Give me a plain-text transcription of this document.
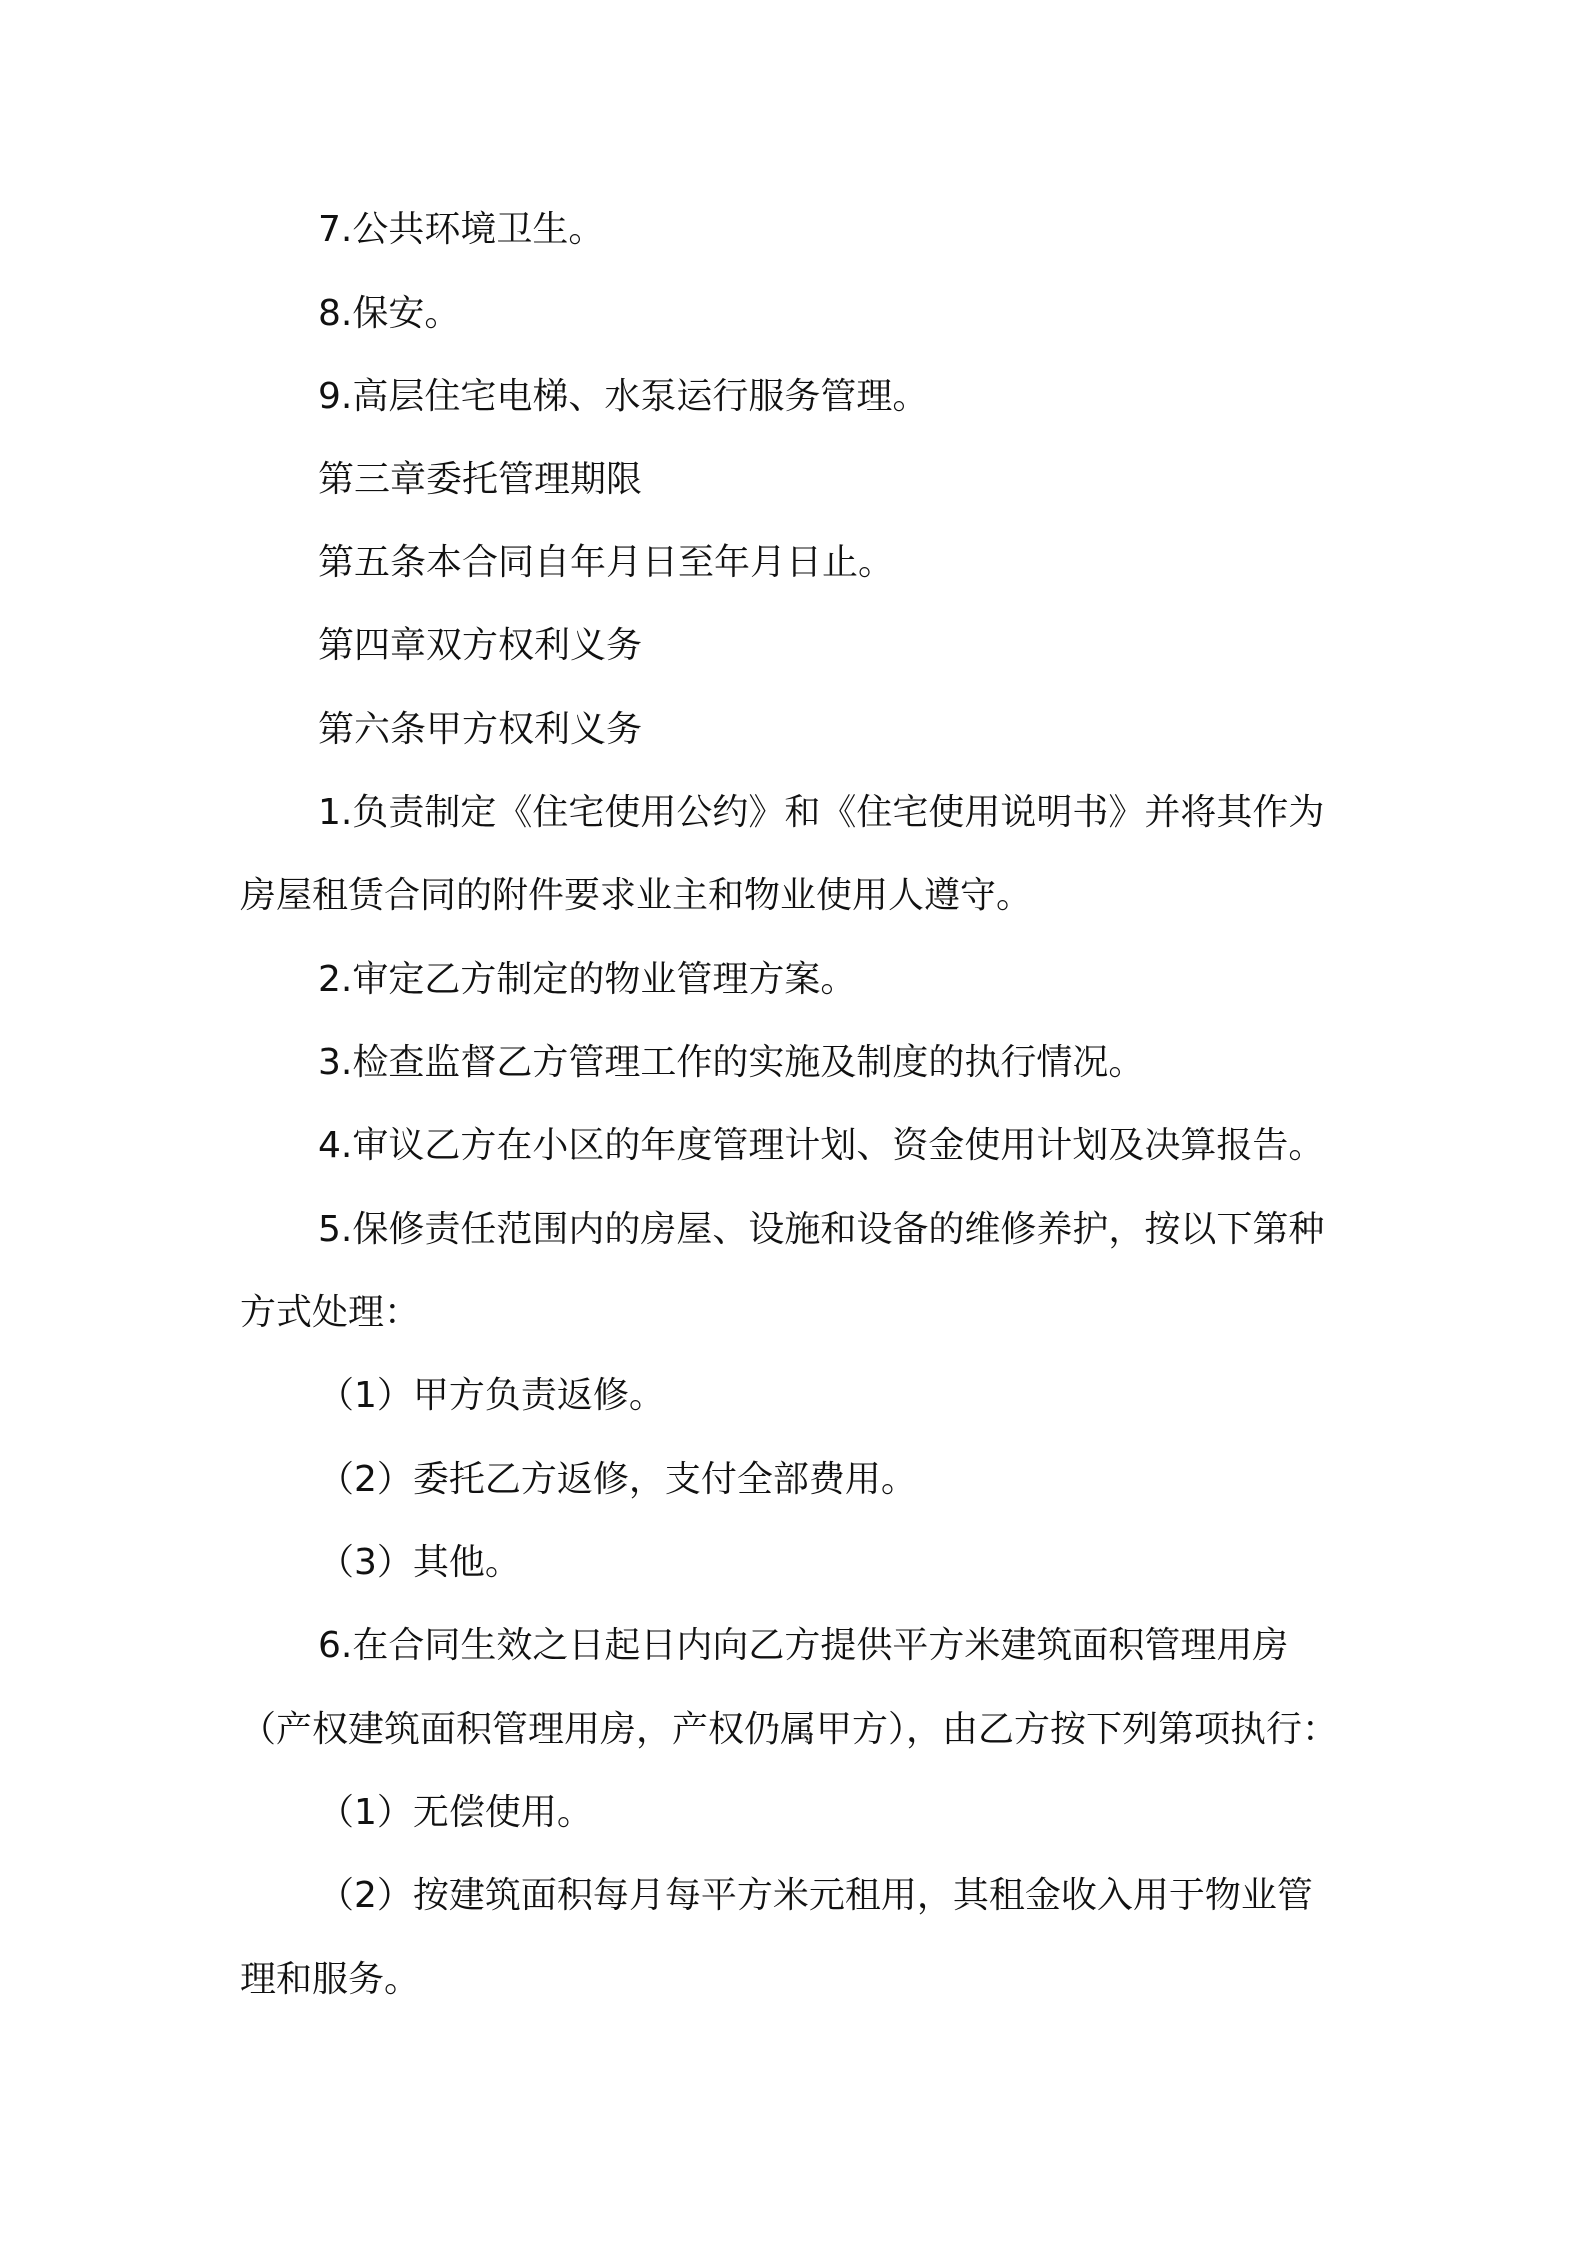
7.公共环境卫生。
8.保安。
9.高层住宅电梯、水泵运行服务管理。
第三章委托管理期限
第五条本合同自年月日至年月日止。
第四章双方权利义务
第六条甲方权利义务
1.负责制定《住宅使用公约》和《住宅使用说明书》并将其作为
房屋租赁合同的附件要求业主和物业使用人遵守。
2.审定乙方制定的物业管理方案。
3.检查监督乙方管理工作的实施及制度的执行情况。
4.审议乙方在小区的年度管理计划、资金使用计划及决算报告。
5.保修责任范围内的房屋、设施和设备的维修养护，按以下第种
方式处理：
（1）甲方负责返修。
（2）委托乙方返修，支付全部费用。
（3）其他。
6.在合同生效之日起日内向乙方提供平方米建筑面积管理用房
（产权建筑面积管理用房，产权仍属甲方），由乙方按下列第项执行：
（1）无偿使用。
（2）按建筑面积每月每平方米元租用，其租金收入用于物业管
理和服务。
